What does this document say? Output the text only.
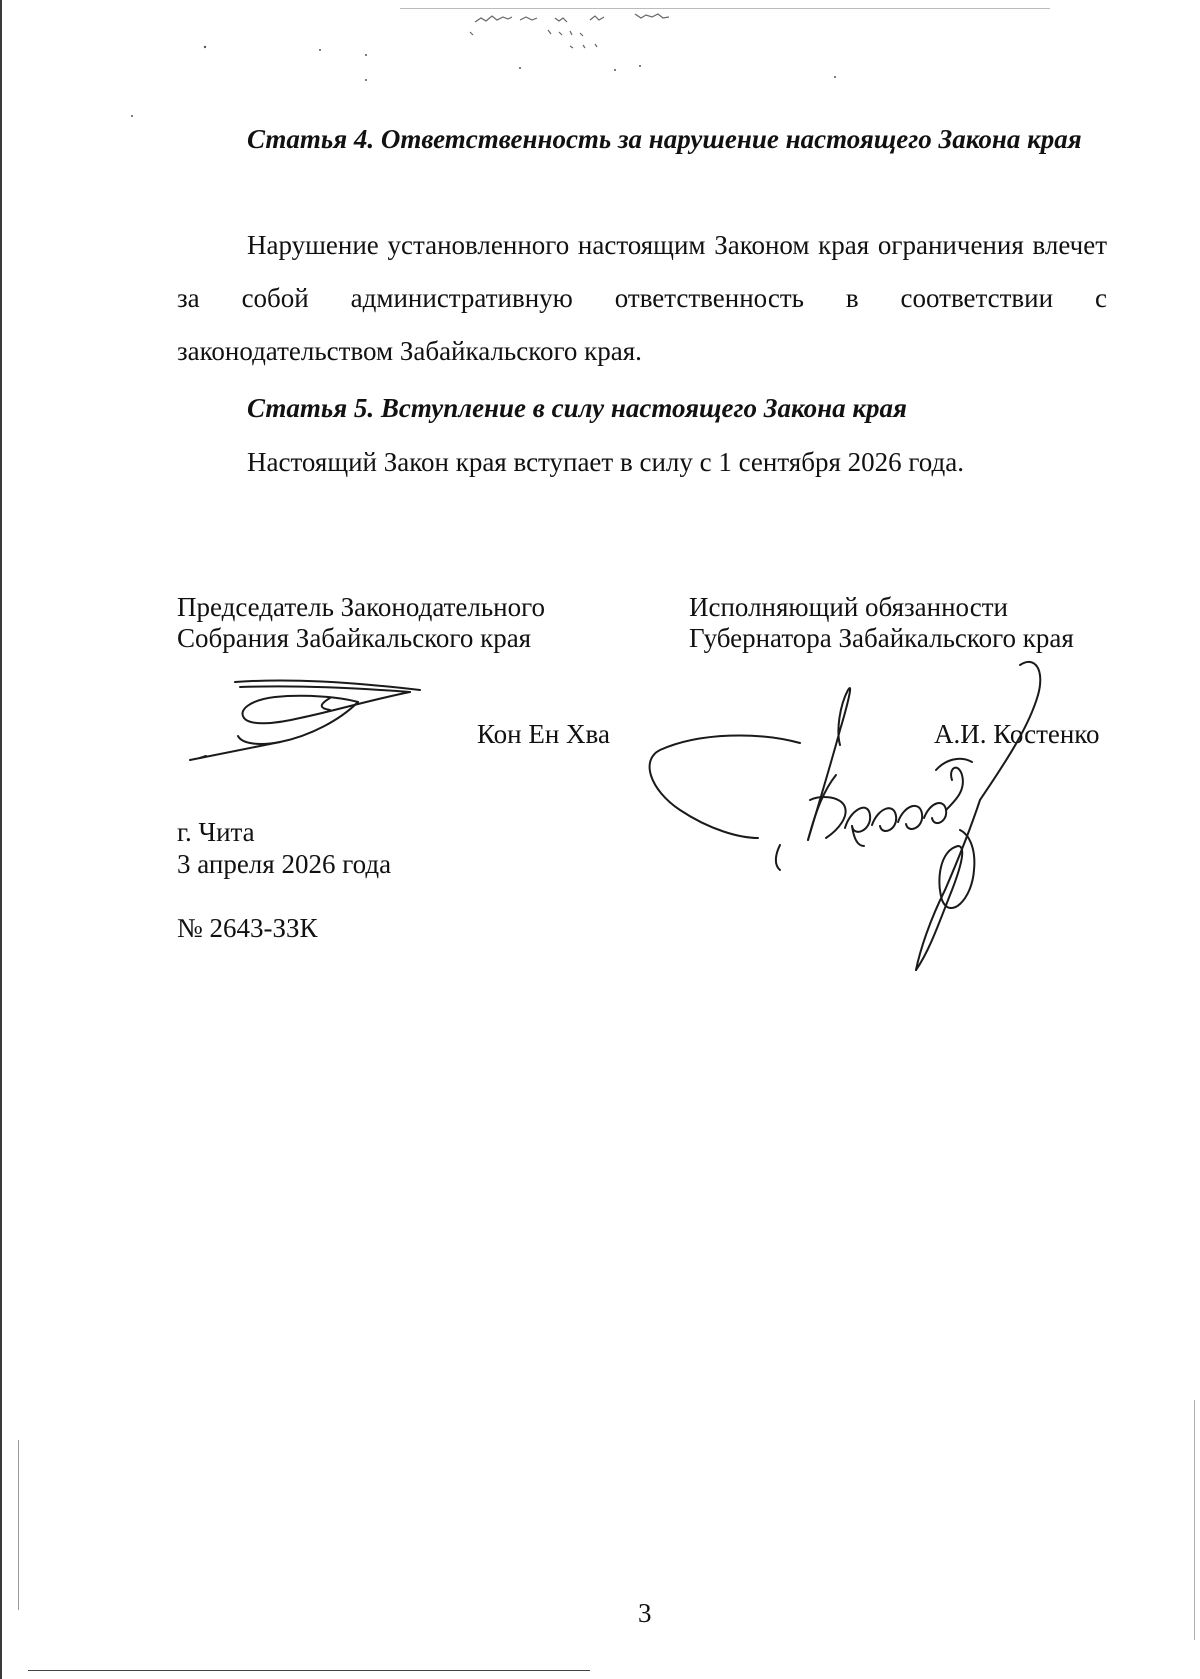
Статья 4. Ответственность за нарушение настоящего Закона края

Нарушение установленного настоящим Законом края ограничения влечет за собой административную ответственность в соответствии с законодательством Забайкальского края.

Статья 5. Вступление в силу настоящего Закона края

Настоящий Закон края вступает в силу с 1 сентября 2026 года.

Председатель Законодательного

Собрания Забайкальского края

Кон Ен Хва

Исполняющий обязанности

Губернатора Забайкальского края

А.И. Костенко

г. Чита

3 апреля 2026 года

№ 2643-ЗЗК

3
